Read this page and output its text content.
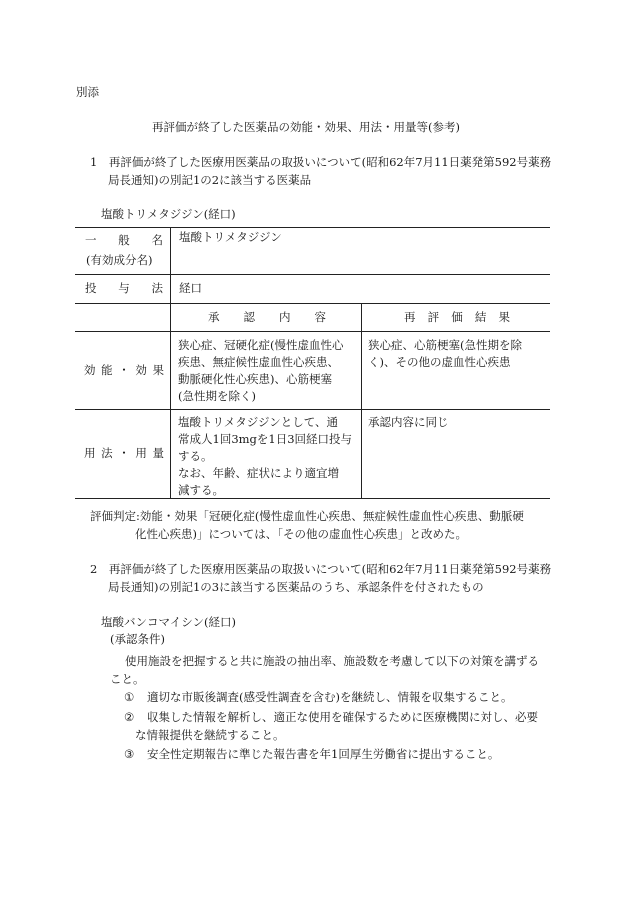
別添
再評価が終了した医薬品の効能・効果、用法・用量等(参考)
1　再評価が終了した医療用医薬品の取扱いについて(昭和62年7月11日薬発第592号薬務
局長通知)の別記1の2に該当する医薬品
塩酸トリメタジジン(経口)
一 般 名
(有効成分名)
塩酸トリメタジジン
投 与 法 経口
承 認 内 容	再 評 価 結 果
効 能 ・ 効 果
狭心症、冠硬化症(慢性虚血性心
疾患、無症候性虚血性心疾患、
動脈硬化性心疾患)、心筋梗塞
(急性期を除く)
狭心症、心筋梗塞(急性期を除
く)、その他の虚血性心疾患
用 法 ・ 用 量
塩酸トリメタジジンとして、通
常成人1回3mgを1日3回経口投与
する。
なお、年齢、症状により適宜増
減する。
承認内容に同じ
評価判定:効能・効果「冠硬化症(慢性虚血性心疾患、無症候性虚血性心疾患、動脈硬
化性心疾患)」については、「その他の虚血性心疾患」と改めた。
2　再評価が終了した医療用医薬品の取扱いについて(昭和62年7月11日薬発第592号薬務
局長通知)の別記1の3に該当する医薬品のうち、承認条件を付されたもの
塩酸バンコマイシン(経口)
(承認条件)
使用施設を把握すると共に施設の抽出率、施設数を考慮して以下の対策を講ずる
こと。
① 適切な市販後調査(感受性調査を含む)を継続し、情報を収集すること。
② 収集した情報を解析し、適正な使用を確保するために医療機関に対し、必要
な情報提供を継続すること。
③ 安全性定期報告に準じた報告書を年1回厚生労働省に提出すること。
